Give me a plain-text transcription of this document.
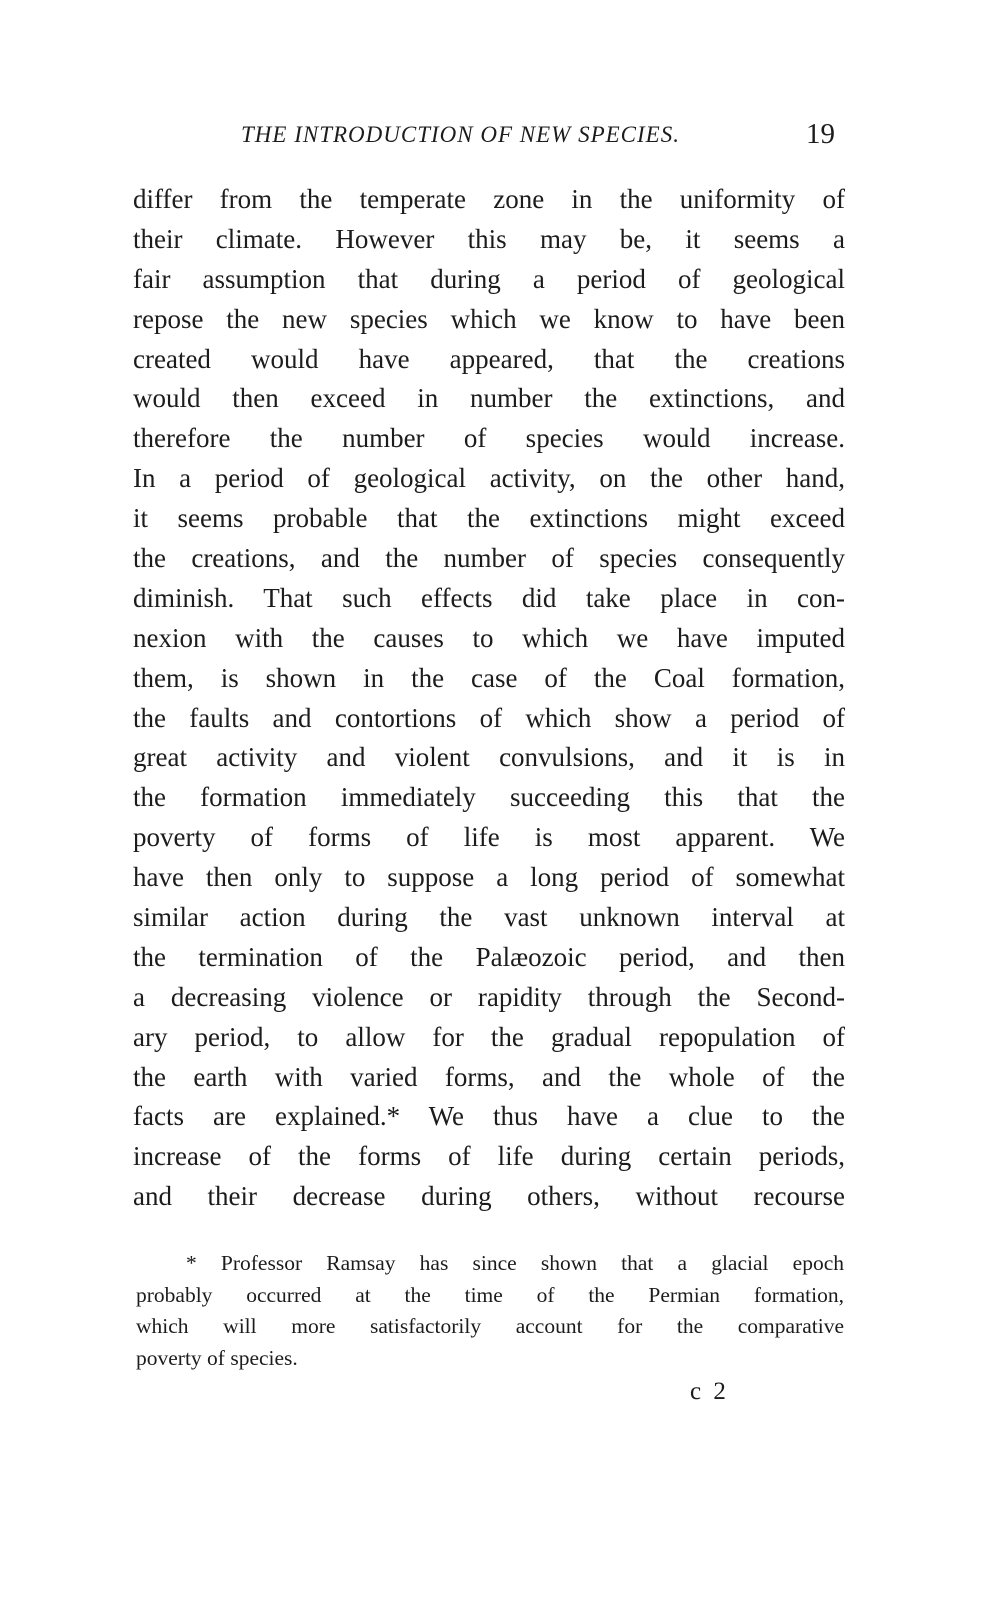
THE INTRODUCTION OF NEW SPECIES.	19
differ from the temperate zone in the uniformity of
their climate. However this may be, it seems a
fair assumption that during a period of geological
repose the new species which we know to have been
created would have appeared, that the creations
would then exceed in number the extinctions, and
therefore the number of species would increase.
In a period of geological activity, on the other hand,
it seems probable that the extinctions might exceed
the creations, and the number of species consequently
diminish. That such effects did take place in con-
nexion with the causes to which we have imputed
them, is shown in the case of the Coal formation,
the faults and contortions of which show a period of
great activity and violent convulsions, and it is in
the formation immediately succeeding this that the
poverty of forms of life is most apparent. We
have then only to suppose a long period of somewhat
similar action during the vast unknown interval at
the termination of the Palæozoic period, and then
a decreasing violence or rapidity through the Second-
ary period, to allow for the gradual repopulation of
the earth with varied forms, and the whole of the
facts are explained.* We thus have a clue to the
increase of the forms of life during certain periods,
and their decrease during others, without recourse
* Professor Ramsay has since shown that a glacial epoch
probably occurred at the time of the Permian formation,
which will more satisfactorily account for the comparative
poverty of species.
c 2
